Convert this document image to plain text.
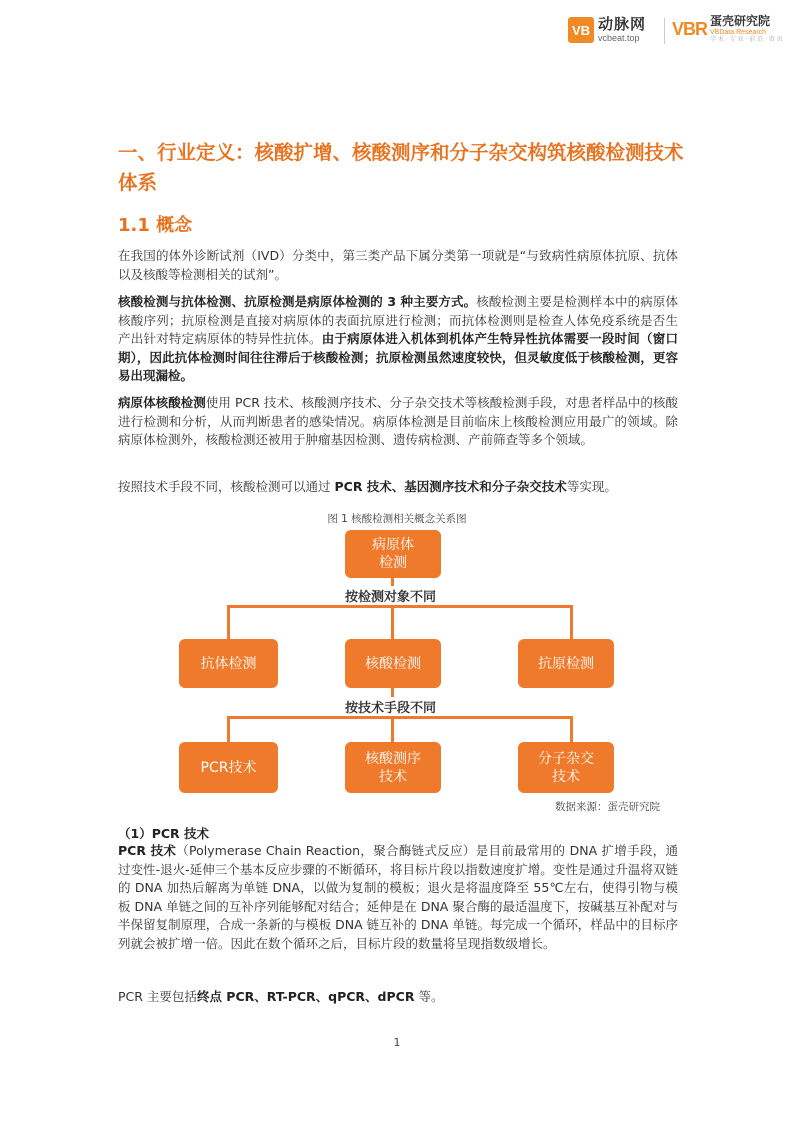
VB 动脉网
vcbeat.top	VBR 蛋壳研究院
VBData Research
学 术 · 专 业 · 前 沿 · 资 讯
一、行业定义：核酸扩增、核酸测序和分子杂交构筑核酸检测技术体系
1.1 概念
在我国的体外诊断试剂（IVD）分类中，第三类产品下属分类第一项就是“与致病性病原体抗原、抗体以及核酸等检测相关的试剂”。
核酸检测与抗体检测、抗原检测是病原体检测的 3 种主要方式。核酸检测主要是检测样本中的病原体核酸序列；抗原检测是直接对病原体的表面抗原进行检测；而抗体检测则是检查人体免疫系统是否生产出针对特定病原体的特异性抗体。由于病原体进入机体到机体产生特异性抗体需要一段时间（窗口期），因此抗体检测时间往往滞后于核酸检测；抗原检测虽然速度较快，但灵敏度低于核酸检测，更容易出现漏检。
病原体核酸检测使用 PCR 技术、核酸测序技术、分子杂交技术等核酸检测手段，对患者样品中的核酸进行检测和分析，从而判断患者的感染情况。病原体检测是目前临床上核酸检测应用最广的领域。除病原体检测外，核酸检测还被用于肿瘤基因检测、遗传病检测、产前筛查等多个领域。
按照技术手段不同，核酸检测可以通过 PCR 技术、基因测序技术和分子杂交技术等实现。
图 1 核酸检测相关概念关系图
病原体
检测
按检测对象不同
抗体检测	核酸检测	抗原检测
按技术手段不同
PCR技术
核酸测序
技术
分子杂交
技术
数据来源：蛋壳研究院
（1）PCR 技术
PCR 技术（Polymerase Chain Reaction，聚合酶链式反应）是目前最常用的 DNA 扩增手段，通过变性-退火-延伸三个基本反应步骤的不断循环，将目标片段以指数速度扩增。变性是通过升温将双链的 DNA 加热后解离为单链 DNA，以做为复制的模板；退火是将温度降至 55℃左右，使得引物与模板 DNA 单链之间的互补序列能够配对结合；延伸是在 DNA 聚合酶的最适温度下，按碱基互补配对与半保留复制原理，合成一条新的与模板 DNA 链互补的 DNA 单链。每完成一个循环，样品中的目标序列就会被扩增一倍。因此在数个循环之后，目标片段的数量将呈现指数级增长。
PCR 主要包括终点 PCR、RT-PCR、qPCR、dPCR 等。
1
